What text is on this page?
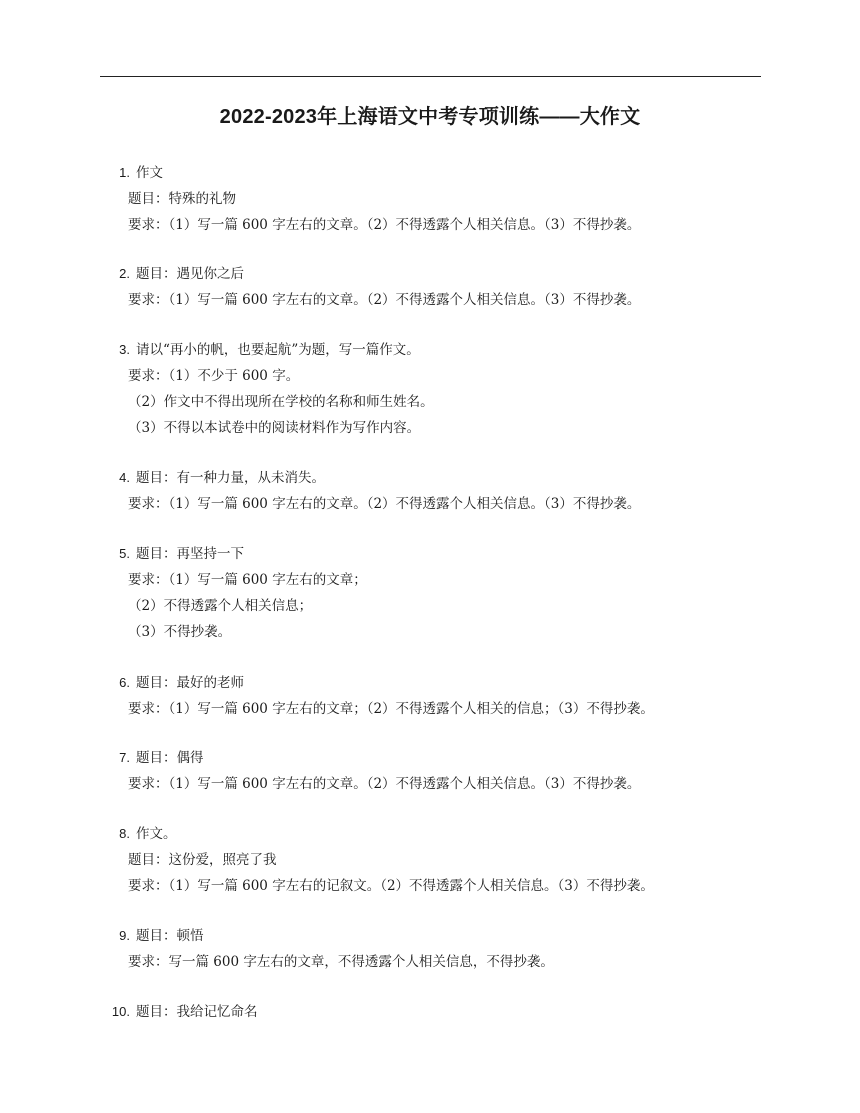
2022-2023年上海语文中考专项训练——大作文
1. 作文
题目：特殊的礼物
要求：（1）写一篇 600 字左右的文章。（2）不得透露个人相关信息。（3）不得抄袭。
2. 题目：遇见你之后
要求：（1）写一篇 600 字左右的文章。（2）不得透露个人相关信息。（3）不得抄袭。
3. 请以“再小的帆，也要起航”为题，写一篇作文。
要求：（1）不少于 600 字。
（2）作文中不得出现所在学校的名称和师生姓名。
（3）不得以本试卷中的阅读材料作为写作内容。
4. 题目：有一种力量，从未消失。
要求：（1）写一篇 600 字左右的文章。（2）不得透露个人相关信息。（3）不得抄袭。
5. 题目：再坚持一下
要求：（1）写一篇 600 字左右的文章；
（2）不得透露个人相关信息；
（3）不得抄袭。
6. 题目：最好的老师
要求：（1）写一篇 600 字左右的文章；（2）不得透露个人相关的信息；（3）不得抄袭。
7. 题目：偶得
要求：（1）写一篇 600 字左右的文章。（2）不得透露个人相关信息。（3）不得抄袭。
8. 作文。
题目：这份爱，照亮了我
要求：（1）写一篇 600 字左右的记叙文。（2）不得透露个人相关信息。（3）不得抄袭。
9. 题目：顿悟
要求：写一篇 600 字左右的文章，不得透露个人相关信息，不得抄袭。
10. 题目：我给记忆命名
